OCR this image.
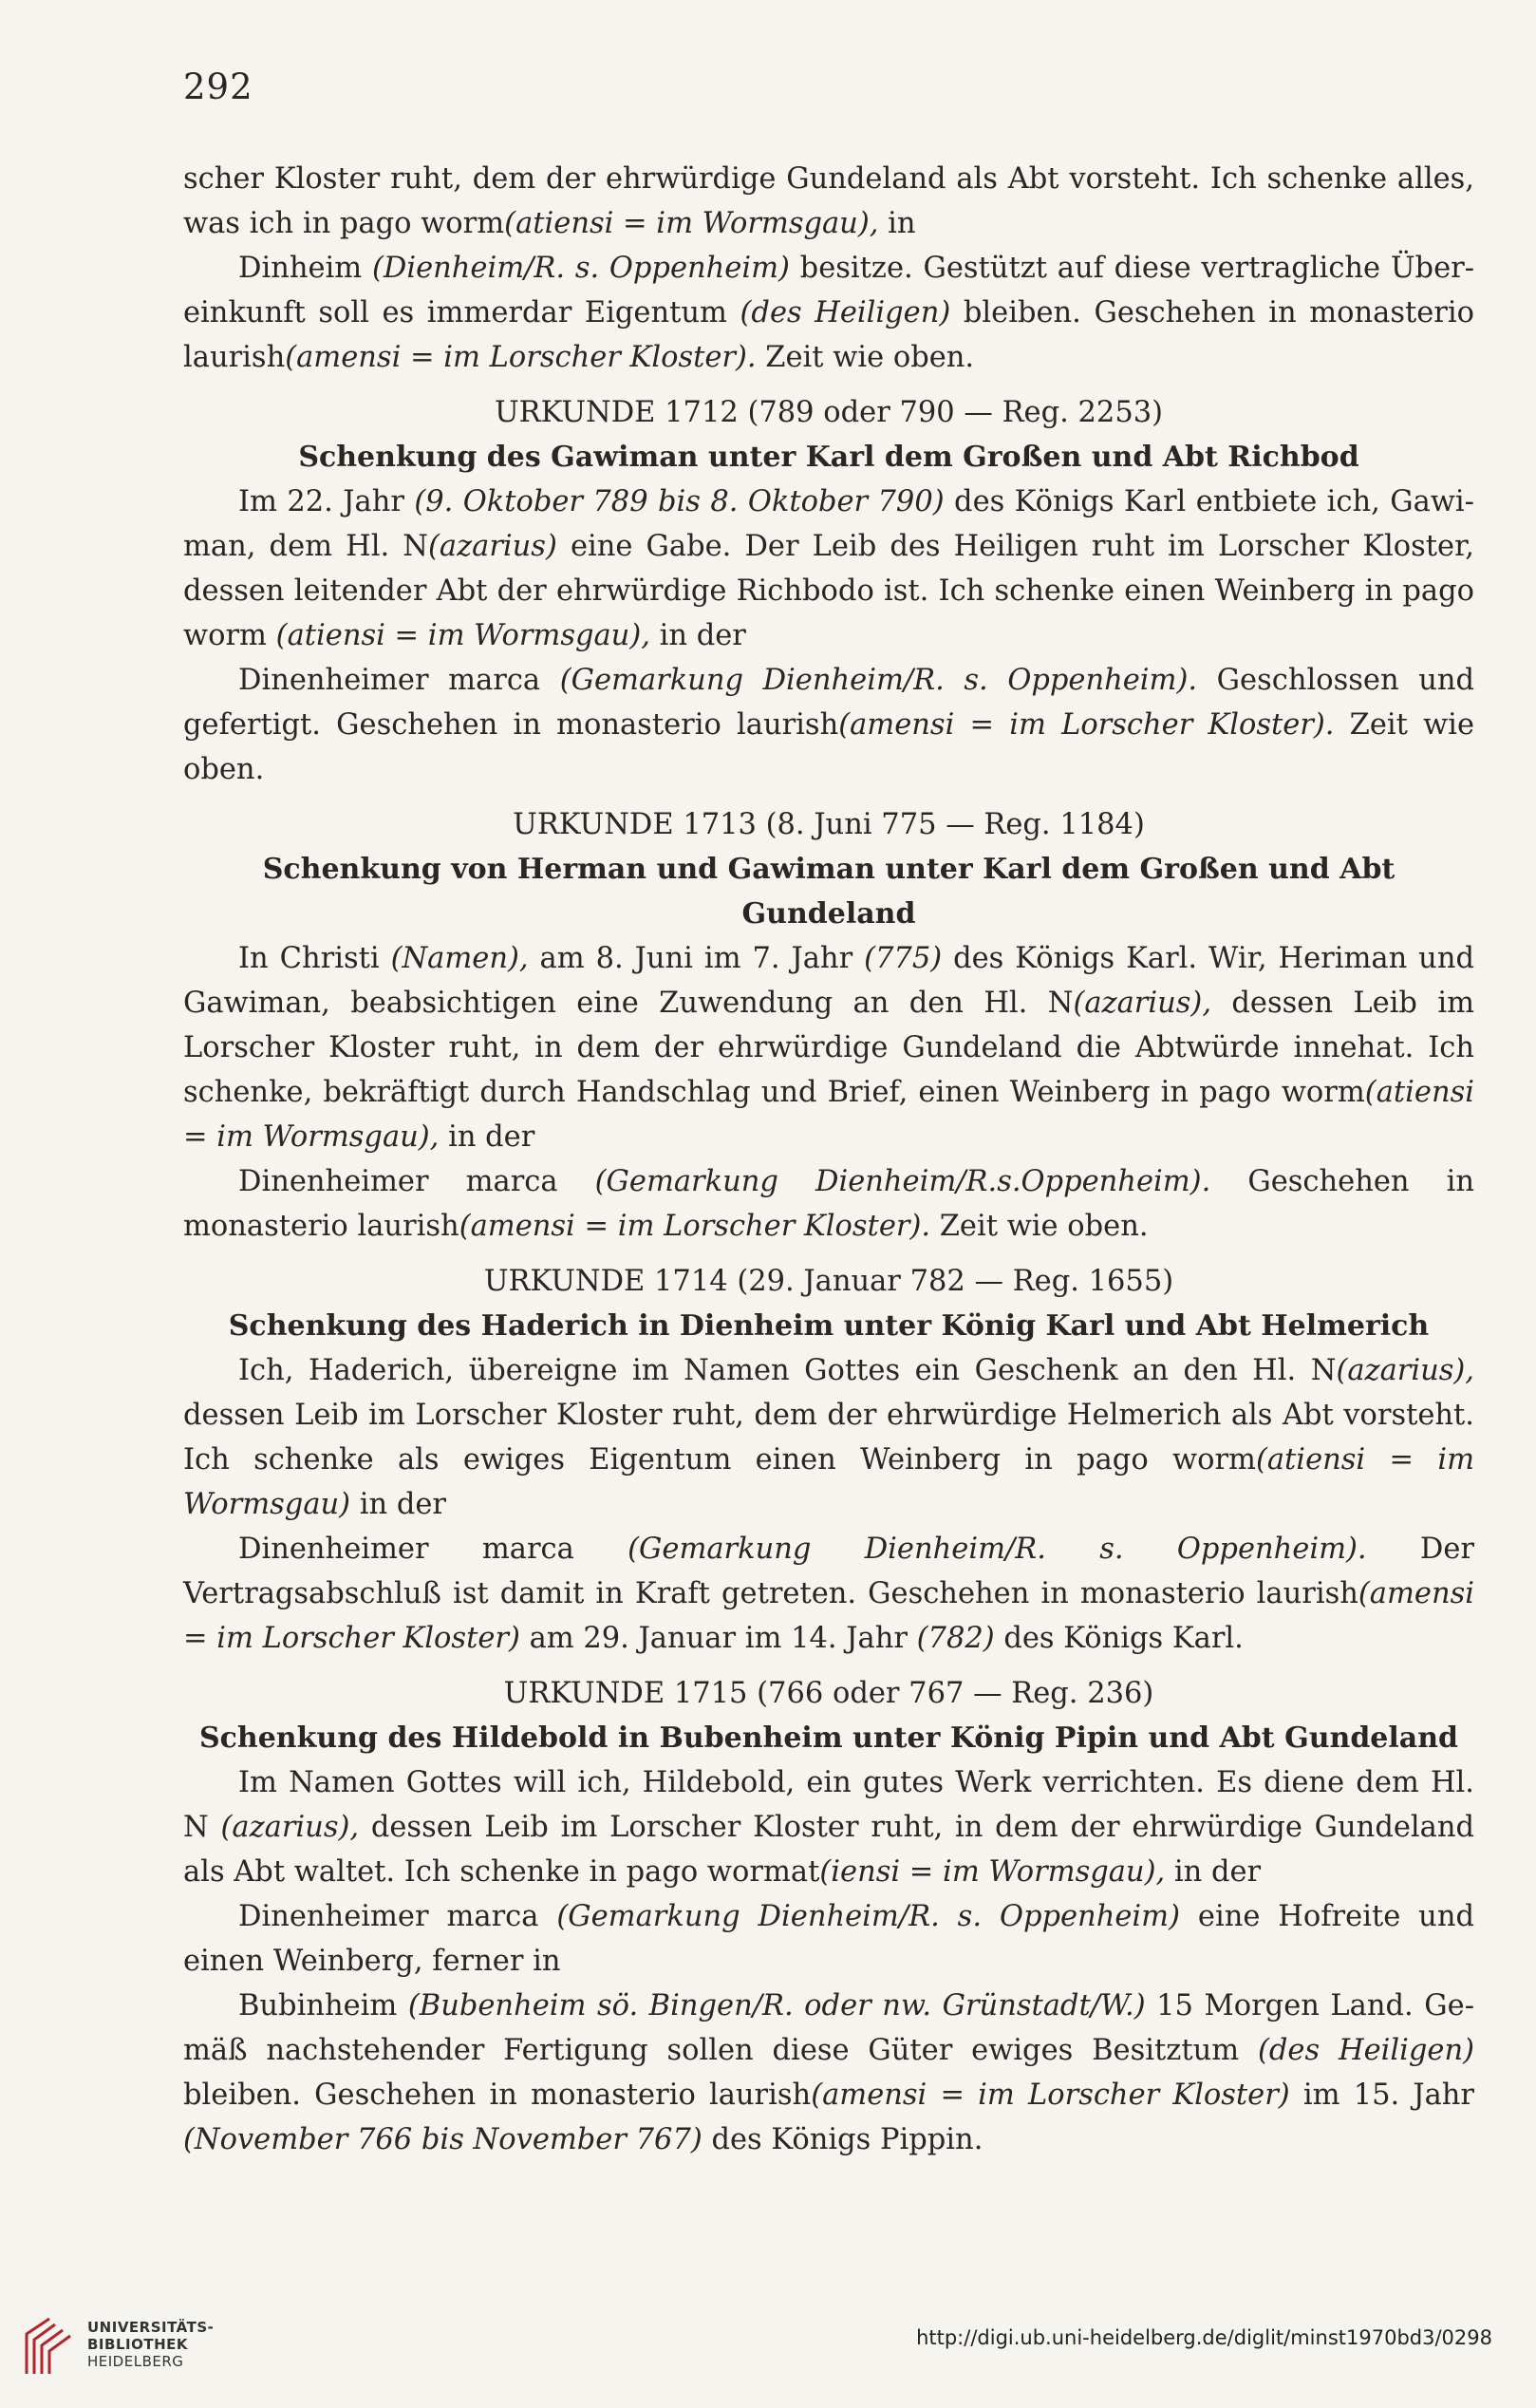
292

scher Kloster ruht, dem der ehrwürdige Gundeland als Abt vorsteht. Ich schenke alles, was ich in pago worm(atiensi = im Wormsgau), in

Dinheim (Dienheim/R. s. Oppenheim) besitze. Gestützt auf diese vertragliche Übereinkunft soll es immerdar Eigentum (des Heiligen) bleiben. Geschehen in monasterio laurish(amensi = im Lorscher Kloster). Zeit wie oben.

URKUNDE 1712 (789 oder 790 — Reg. 2253)

Schenkung des Gawiman unter Karl dem Großen und Abt Richbod

Im 22. Jahr (9. Oktober 789 bis 8. Oktober 790) des Königs Karl entbiete ich, Gawiman, dem Hl. N(azarius) eine Gabe. Der Leib des Heiligen ruht im Lorscher Kloster, dessen leitender Abt der ehrwürdige Richbodo ist. Ich schenke einen Weinberg in pago worm (atiensi = im Wormsgau), in der

Dinenheimer marca (Gemarkung Dienheim/R. s. Oppenheim). Geschlossen und gefertigt. Geschehen in monasterio laurish(amensi = im Lorscher Kloster). Zeit wie oben.

URKUNDE 1713 (8. Juni 775 — Reg. 1184)

Schenkung von Herman und Gawiman unter Karl dem Großen und Abt Gundeland

In Christi (Namen), am 8. Juni im 7. Jahr (775) des Königs Karl. Wir, Heriman und Gawiman, beabsichtigen eine Zuwendung an den Hl. N(azarius), dessen Leib im Lorscher Kloster ruht, in dem der ehrwürdige Gundeland die Abtwürde innehat. Ich schenke, bekräftigt durch Handschlag und Brief, einen Weinberg in pago worm(atiensi = im Wormsgau), in der

Dinenheimer marca (Gemarkung Dienheim/R.s.Oppenheim). Geschehen in monasterio laurish(amensi = im Lorscher Kloster). Zeit wie oben.

URKUNDE 1714 (29. Januar 782 — Reg. 1655)

Schenkung des Haderich in Dienheim unter König Karl und Abt Helmerich

Ich, Haderich, übereigne im Namen Gottes ein Geschenk an den Hl. N(azarius), dessen Leib im Lorscher Kloster ruht, dem der ehrwürdige Helmerich als Abt vorsteht. Ich schenke als ewiges Eigentum einen Weinberg in pago worm(atiensi = im Wormsgau) in der

Dinenheimer marca (Gemarkung Dienheim/R. s. Oppenheim). Der Vertragsabschluß ist damit in Kraft getreten. Geschehen in monasterio laurish(amensi = im Lorscher Kloster) am 29. Januar im 14. Jahr (782) des Königs Karl.

URKUNDE 1715 (766 oder 767 — Reg. 236)

Schenkung des Hildebold in Bubenheim unter König Pipin und Abt Gundeland

Im Namen Gottes will ich, Hildebold, ein gutes Werk verrichten. Es diene dem Hl. N (azarius), dessen Leib im Lorscher Kloster ruht, in dem der ehrwürdige Gundeland als Abt waltet. Ich schenke in pago wormat(iensi = im Wormsgau), in der

Dinenheimer marca (Gemarkung Dienheim/R. s. Oppenheim) eine Hofreite und einen Weinberg, ferner in

Bubinheim (Bubenheim sö. Bingen/R. oder nw. Grünstadt/W.) 15 Morgen Land. Gemäß nachstehender Fertigung sollen diese Güter ewiges Besitztum (des Heiligen) bleiben. Geschehen in monasterio laurish(amensi = im Lorscher Kloster) im 15. Jahr (November 766 bis November 767) des Königs Pippin.

UNIVERSITÄTS-
BIBLIOTHEK
HEIDELBERG
http://digi.ub.uni-heidelberg.de/diglit/minst1970bd3/0298
